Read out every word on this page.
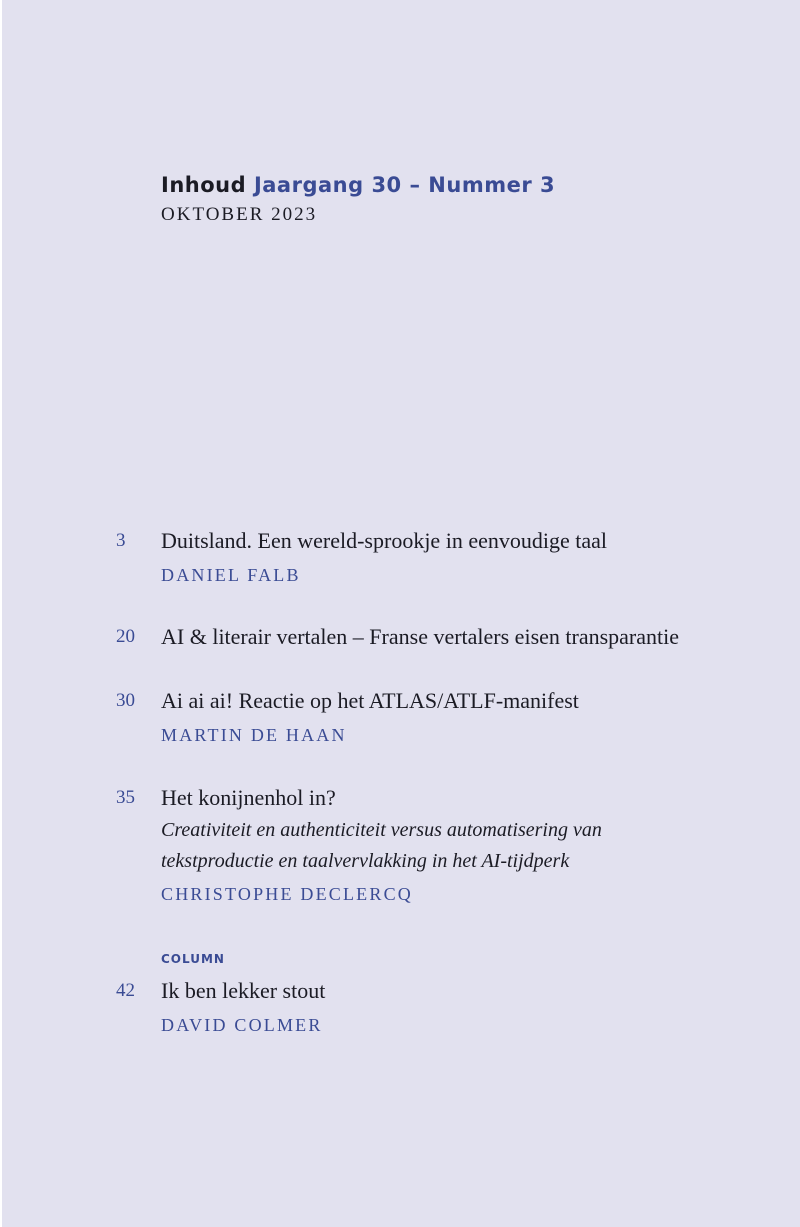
Inhoud Jaargang 30 – Nummer 3
OKTOBER 2023
3 Duitsland. Een wereld-sprookje in eenvoudige taal
DANIEL FALB
20 AI & literair vertalen – Franse vertalers eisen transparantie
30 Ai ai ai! Reactie op het ATLAS/ATLF-manifest
MARTIN DE HAAN
35 Het konijnenhol in?
Creativiteit en authenticiteit versus automatisering van
tekstproductie en taalvervlakking in het AI-tijdperk
CHRISTOPHE DECLERCQ
COLUMN
42 Ik ben lekker stout
DAVID COLMER
